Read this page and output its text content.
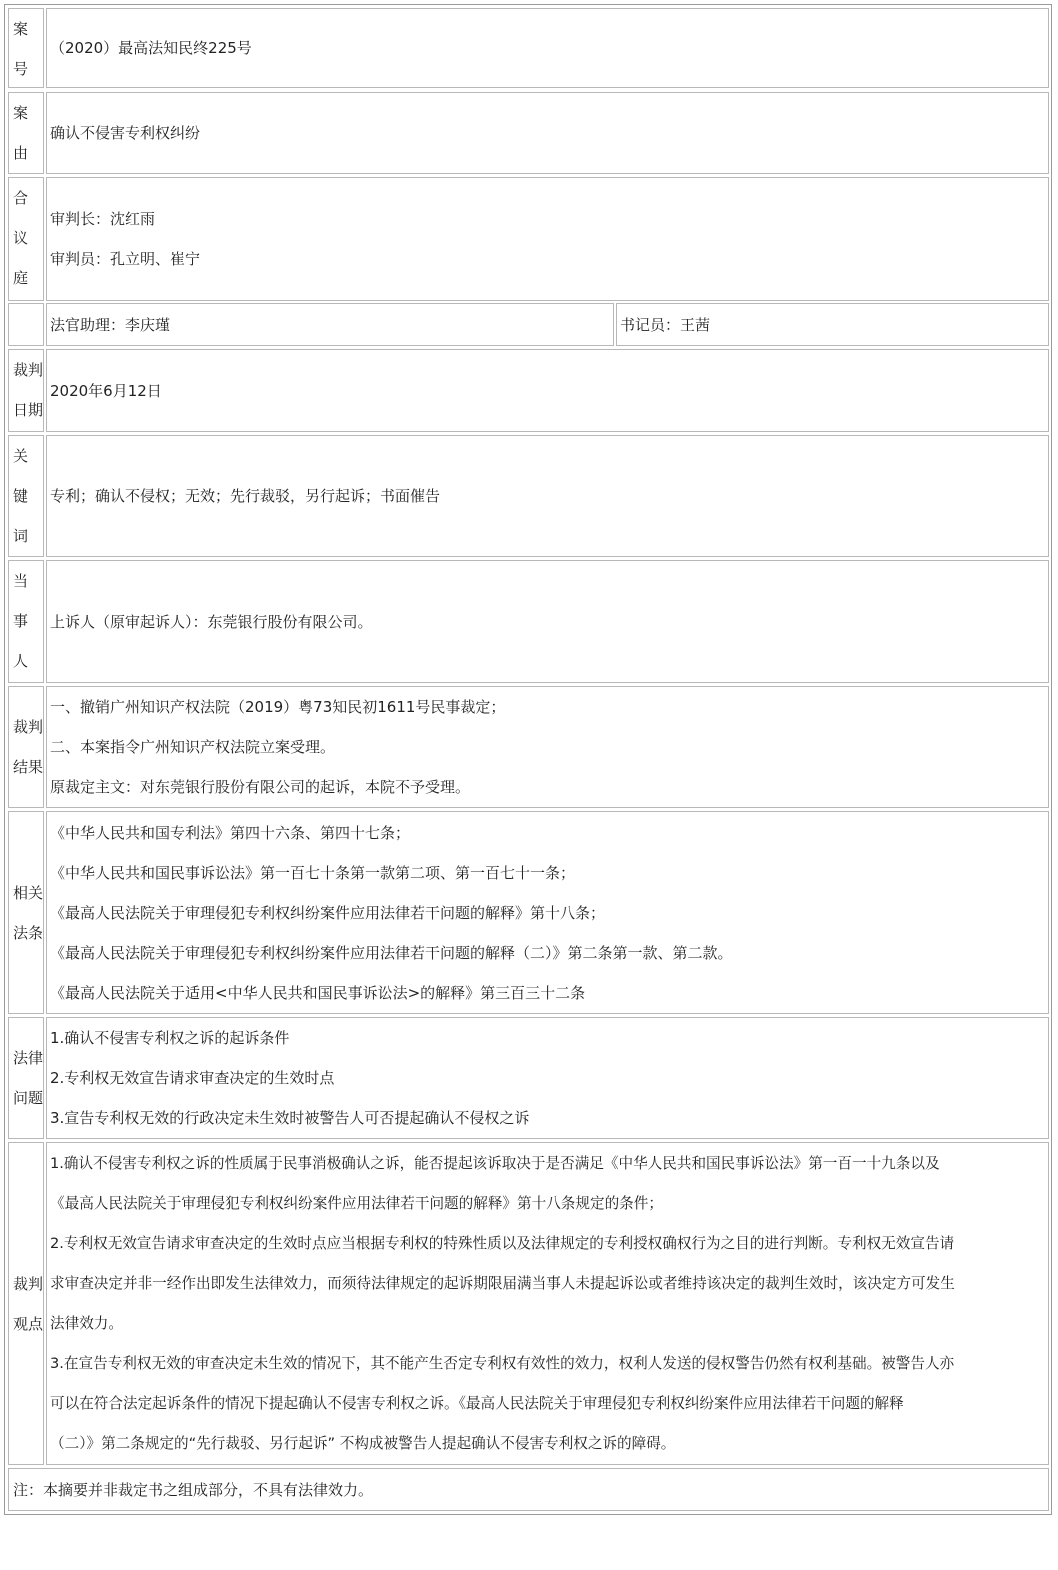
案
号

（2020）最高法知民终225号

案
由

确认不侵害专利权纠纷

合
议
庭

审判长：沈红雨

审判员：孔立明、崔宁

法官助理：李庆瑾	书记员：王茜

裁判
日期

2020年6月12日

关
键
词

专利；确认不侵权；无效；先行裁驳，另行起诉；书面催告

当
事
人

上诉人（原审起诉人）：东莞银行股份有限公司。

裁判
结果

一、撤销广州知识产权法院（2019）粤73知民初1611号民事裁定；

二、本案指令广州知识产权法院立案受理。

原裁定主文：对东莞银行股份有限公司的起诉，本院不予受理。

相关
法条

《中华人民共和国专利法》第四十六条、第四十七条；

《中华人民共和国民事诉讼法》第一百七十条第一款第二项、第一百七十一条；

《最高人民法院关于审理侵犯专利权纠纷案件应用法律若干问题的解释》第十八条；

《最高人民法院关于审理侵犯专利权纠纷案件应用法律若干问题的解释（二）》第二条第一款、第二款。

《最高人民法院关于适用<中华人民共和国民事诉讼法>的解释》第三百三十二条

法律
问题

1.确认不侵害专利权之诉的起诉条件

2.专利权无效宣告请求审查决定的生效时点

3.宣告专利权无效的行政决定未生效时被警告人可否提起确认不侵权之诉

裁判
观点

1.确认不侵害专利权之诉的性质属于民事消极确认之诉，能否提起该诉取决于是否满足《中华人民共和国民事诉讼法》第一百一十九条以及

《最高人民法院关于审理侵犯专利权纠纷案件应用法律若干问题的解释》第十八条规定的条件；

2.专利权无效宣告请求审查决定的生效时点应当根据专利权的特殊性质以及法律规定的专利授权确权行为之目的进行判断。专利权无效宣告请

求审查决定并非一经作出即发生法律效力，而须待法律规定的起诉期限届满当事人未提起诉讼或者维持该决定的裁判生效时，该决定方可发生

法律效力。

3.在宣告专利权无效的审查决定未生效的情况下，其不能产生否定专利权有效性的效力，权利人发送的侵权警告仍然有权利基础。被警告人亦

可以在符合法定起诉条件的情况下提起确认不侵害专利权之诉。《最高人民法院关于审理侵犯专利权纠纷案件应用法律若干问题的解释

（二）》第二条规定的“先行裁驳、另行起诉” 不构成被警告人提起确认不侵害专利权之诉的障碍。

注：本摘要并非裁定书之组成部分，不具有法律效力。
